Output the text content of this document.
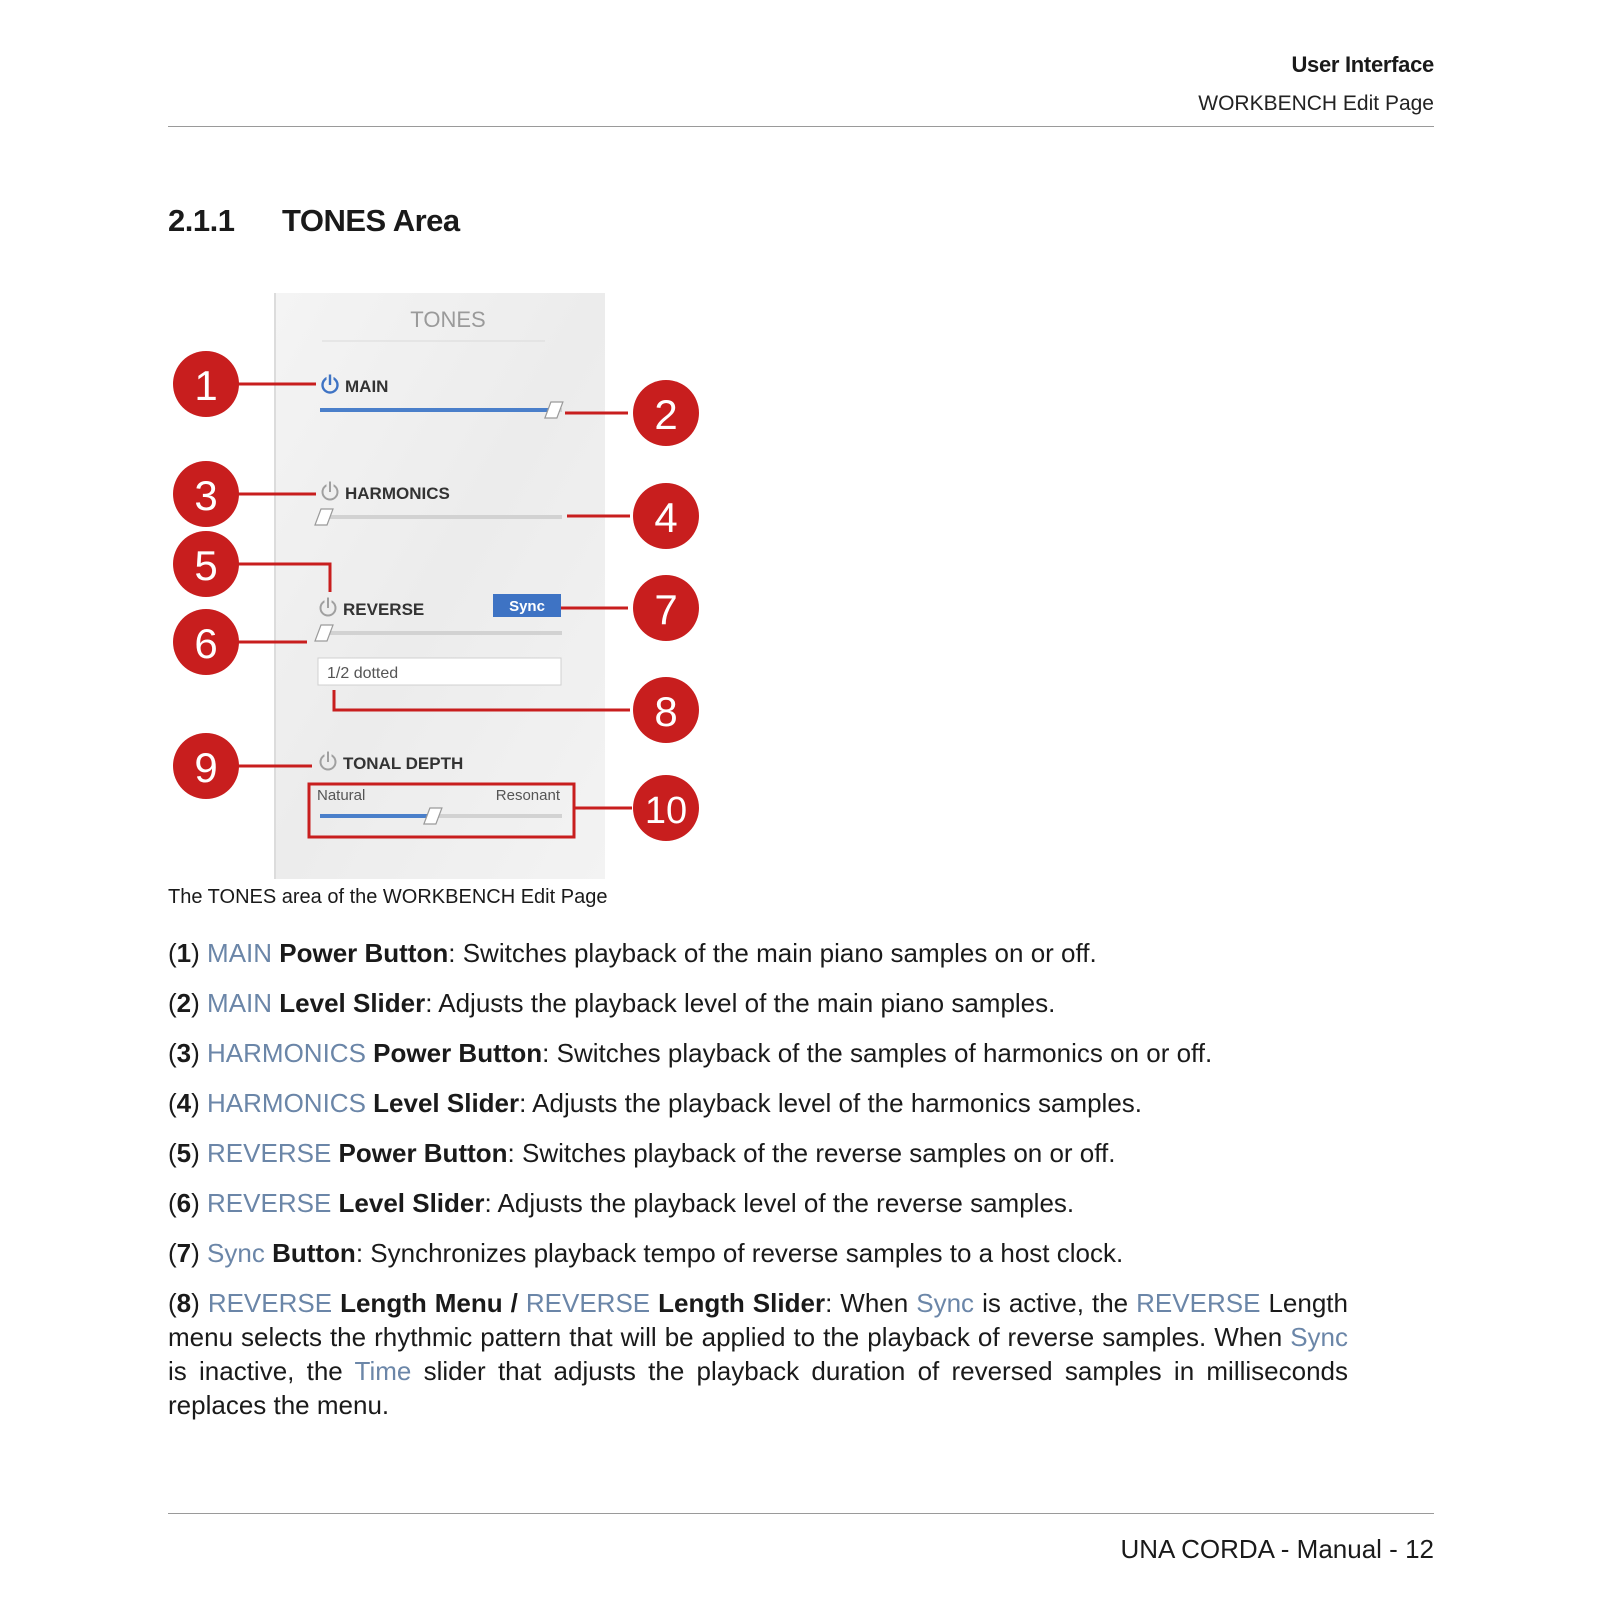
User Interface
WORKBENCH Edit Page
2.1.1 TONES Area
TONES
MAIN
HARMONICS
REVERSE	Sync
1/2 dotted
TONAL DEPTH
Natural	Resonant
1
2
3	4
5
6
7
8
9
10
The TONES area of the WORKBENCH Edit Page
(1) MAIN Power Button: Switches playback of the main piano samples on or off.
(2) MAIN Level Slider: Adjusts the playback level of the main piano samples.
(3) HARMONICS Power Button: Switches playback of the samples of harmonics on or off.
(4) HARMONICS Level Slider: Adjusts the playback level of the harmonics samples.
(5) REVERSE Power Button: Switches playback of the reverse samples on or off.
(6) REVERSE Level Slider: Adjusts the playback level of the reverse samples.
(7) Sync Button: Synchronizes playback tempo of reverse samples to a host clock.
(8) REVERSE Length Menu / REVERSE Length Slider: When Sync is active, the REVERSE Length menu selects the rhythmic pattern that will be applied to the playback of reverse samples. When Sync is inactive, the Time slider that adjusts the playback duration of reversed samples in milliseconds replaces the menu.
UNA CORDA - Manual - 12
